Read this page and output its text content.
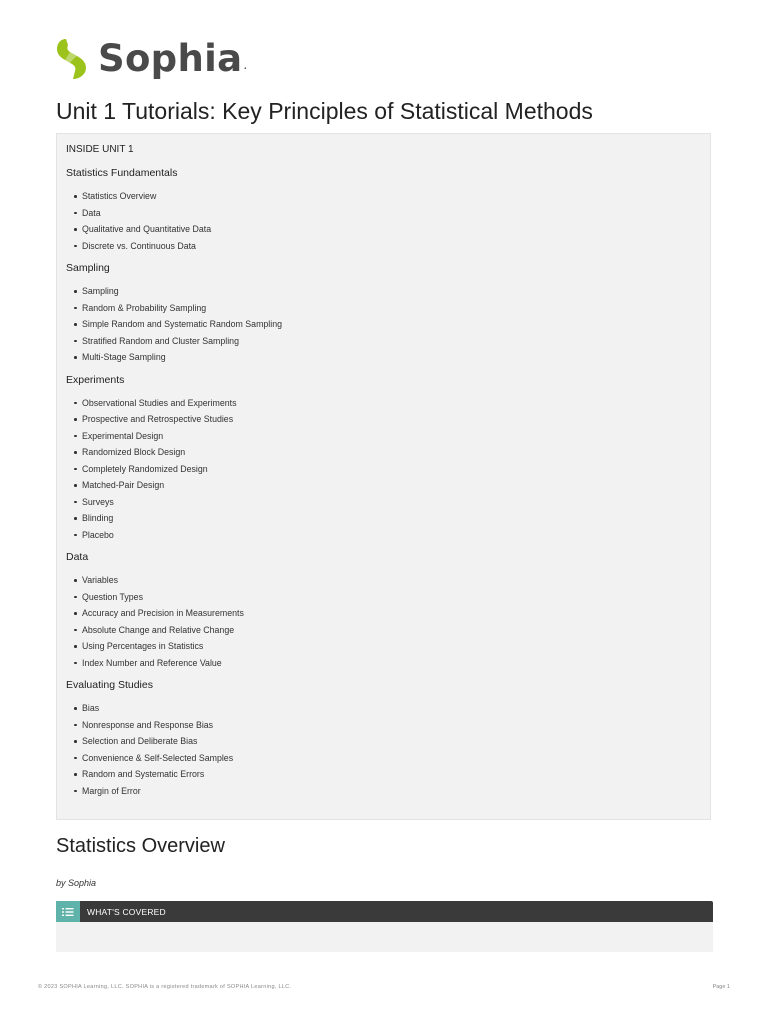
Sophia .
Unit 1 Tutorials: Key Principles of Statistical Methods
INSIDE UNIT 1
Statistics Fundamentals
Statistics Overview
Data
Qualitative and Quantitative Data
Discrete vs. Continuous Data
Sampling
Sampling
Random & Probability Sampling
Simple Random and Systematic Random Sampling
Stratified Random and Cluster Sampling
Multi-Stage Sampling
Experiments
Observational Studies and Experiments
Prospective and Retrospective Studies
Experimental Design
Randomized Block Design
Completely Randomized Design
Matched-Pair Design
Surveys
Blinding
Placebo
Data
Variables
Question Types
Accuracy and Precision in Measurements
Absolute Change and Relative Change
Using Percentages in Statistics
Index Number and Reference Value
Evaluating Studies
Bias
Nonresponse and Response Bias
Selection and Deliberate Bias
Convenience & Self-Selected Samples
Random and Systematic Errors
Margin of Error
Statistics Overview
by Sophia
WHAT'S COVERED
© 2023 SOPHIA Learning, LLC. SOPHIA is a registered trademark of SOPHIA Learning, LLC.	Page 1
